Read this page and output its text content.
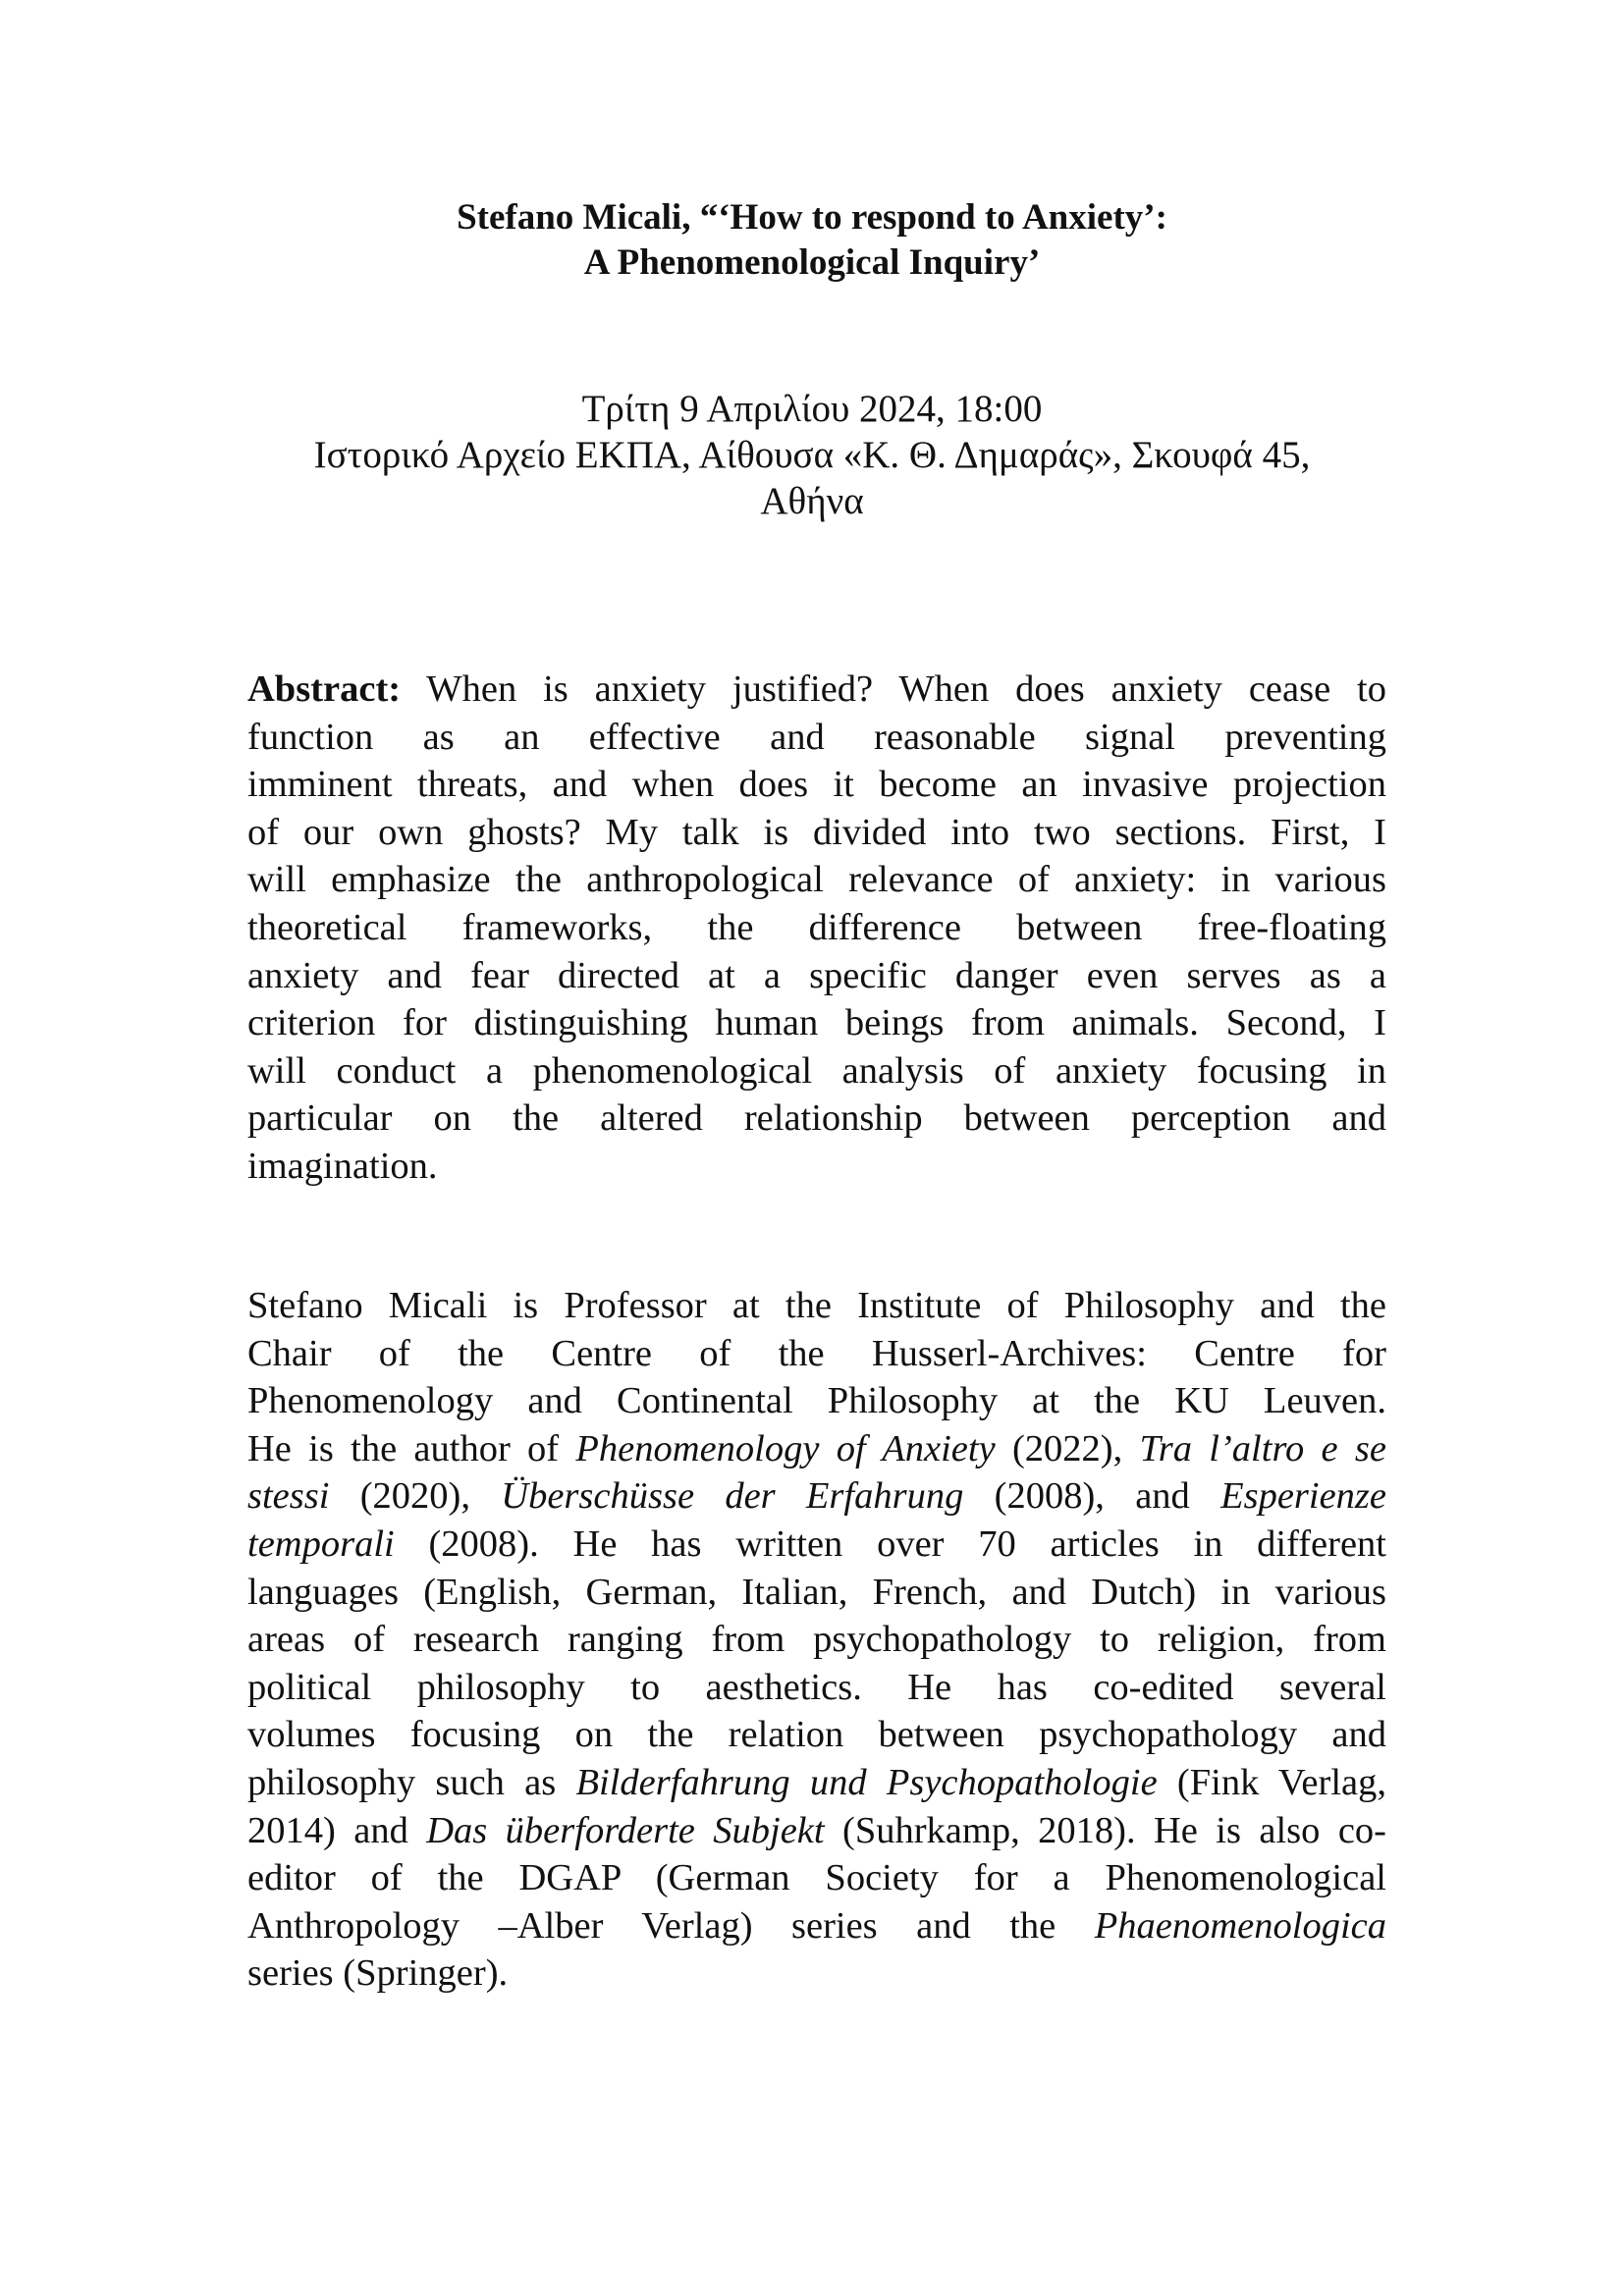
Stefano Micali, “‘How to respond to Anxiety’:
A Phenomenological Inquiry’
Τρίτη 9 Απριλίου 2024, 18:00
Ιστορικό Αρχείο ΕΚΠΑ, Αίθουσα «Κ. Θ. Δημαράς», Σκουφά 45,
Αθήνα
Abstract: When is anxiety justified? When does anxiety cease to
function as an effective and reasonable signal preventing
imminent threats, and when does it become an invasive projection
of our own ghosts? My talk is divided into two sections. First, I
will emphasize the anthropological relevance of anxiety: in various
theoretical frameworks, the difference between free-floating
anxiety and fear directed at a specific danger even serves as a
criterion for distinguishing human beings from animals. Second, I
will conduct a phenomenological analysis of anxiety focusing in
particular on the altered relationship between perception and
imagination.
Stefano Micali is Professor at the Institute of Philosophy and the
Chair of the Centre of the Husserl-Archives: Centre for
Phenomenology and Continental Philosophy at the KU Leuven.
He is the author of Phenomenology of Anxiety (2022), Tra l’altro e se
stessi (2020), Überschüsse der Erfahrung (2008), and Esperienze
temporali (2008). He has written over 70 articles in different
languages (English, German, Italian, French, and Dutch) in various
areas of research ranging from psychopathology to religion, from
political philosophy to aesthetics. He has co-edited several
volumes focusing on the relation between psychopathology and
philosophy such as Bilderfahrung und Psychopathologie (Fink Verlag,
2014) and Das überforderte Subjekt (Suhrkamp, 2018). He is also co-
editor of the DGAP (German Society for a Phenomenological
Anthropology –Alber Verlag) series and the Phaenomenologica
series (Springer).
